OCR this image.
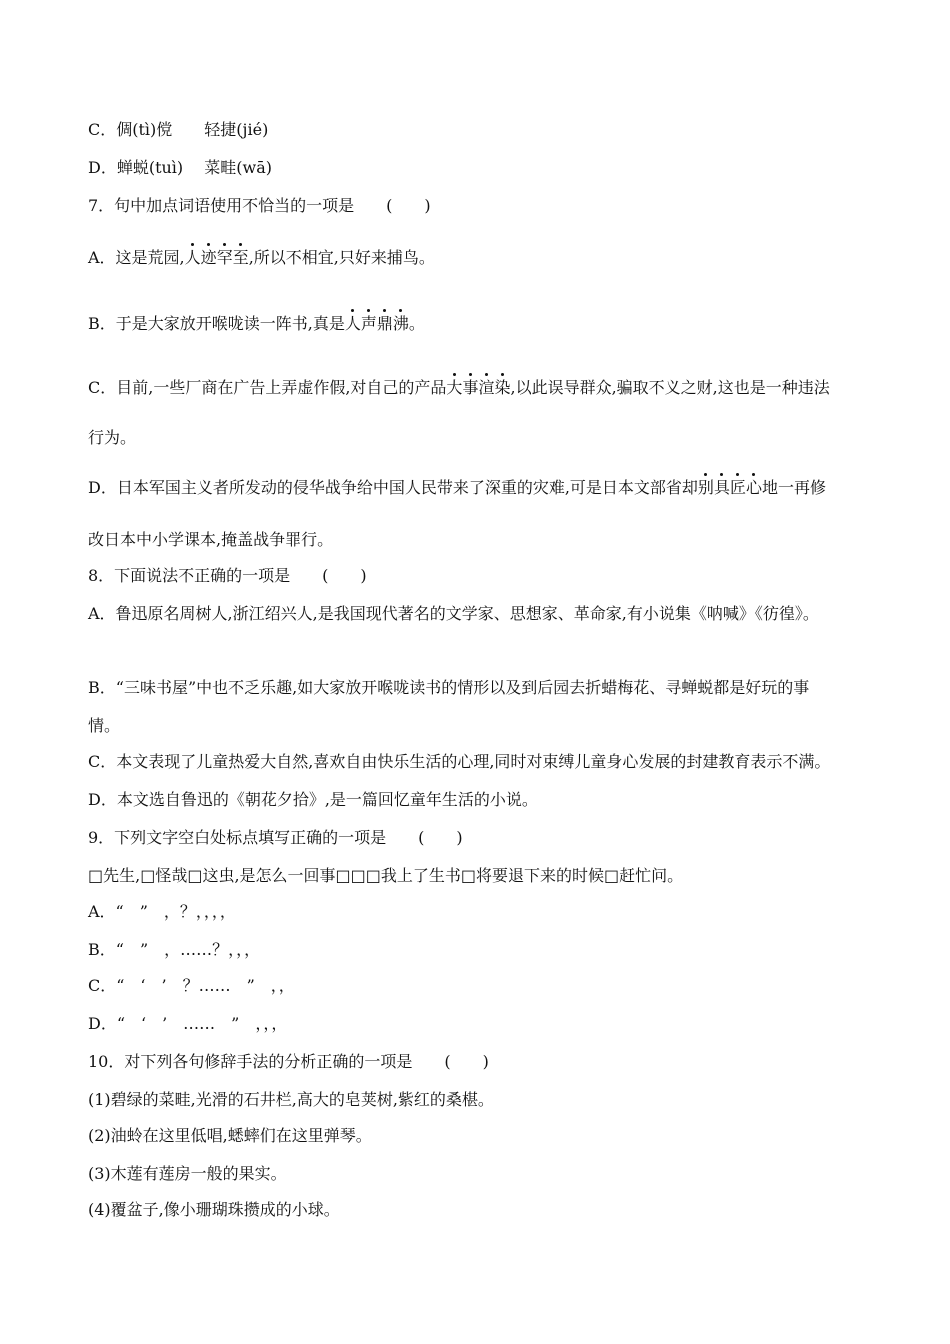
C．倜(tì)傥　　轻捷(jié)
D．蝉蜕(tuì)　 菜畦(wā)
7．句中加点词语使用不恰当的一项是　　(　　)
A．这是荒园,人迹罕至,所以不相宜,只好来捕鸟。
B．于是大家放开喉咙读一阵书,真是人声鼎沸。
C．目前,一些厂商在广告上弄虚作假,对自己的产品大事渲染,以此误导群众,骗取不义之财,这也是一种违法
行为。
D．日本军国主义者所发动的侵华战争给中国人民带来了深重的灾难,可是日本文部省却别具匠心地一再修
改日本中小学课本,掩盖战争罪行。
8．下面说法不正确的一项是　　(　　)
A．鲁迅原名周树人,浙江绍兴人,是我国现代著名的文学家、思想家、革命家,有小说集《呐喊》《彷徨》。
B．“三味书屋”中也不乏乐趣,如大家放开喉咙读书的情形以及到后园去折蜡梅花、寻蝉蜕都是好玩的事
情。
C．本文表现了儿童热爱大自然,喜欢自由快乐生活的心理,同时对束缚儿童身心发展的封建教育表示不满。
D．本文选自鲁迅的《朝花夕拾》,是一篇回忆童年生活的小说。
9．下列文字空白处标点填写正确的一项是　　(　　)
□先生,□怪哉□这虫,是怎么一回事□□□我上了生书□将要退下来的时候□赶忙问。
A．“　”　，？，，，，
B．“　”　，……？，，，
C．“　‘　’　？……　”　，，
D．“　‘　’　……　”　，，，
10．对下列各句修辞手法的分析正确的一项是　　(　　)
(1)碧绿的菜畦,光滑的石井栏,高大的皂荚树,紫红的桑椹。
(2)油蛉在这里低唱,蟋蟀们在这里弹琴。
(3)木莲有莲房一般的果实。
(4)覆盆子,像小珊瑚珠攒成的小球。
